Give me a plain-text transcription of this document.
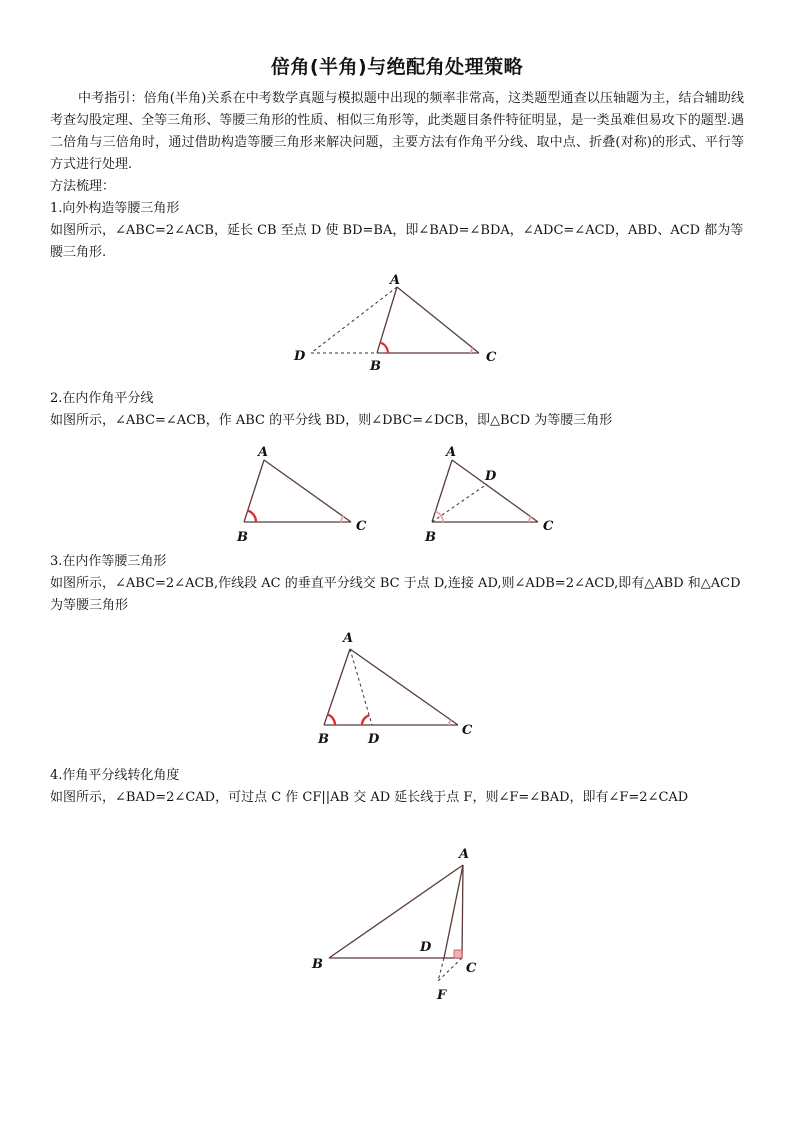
倍角(半角)与绝配角处理策略
中考指引：倍角(半角)关系在中考数学真题与模拟题中出现的频率非常高，这类题型通查以压轴题为主，结合辅助线考查勾股定理、全等三角形、等腰三角形的性质、相似三角形等，此类题目条件特征明显，是一类虽难但易攻下的题型.遇二倍角与三倍角时，通过借助构造等腰三角形来解决问题，主要方法有作角平分线、取中点、折叠(对称)的形式、平行等方式进行处理.
方法梳理：
1.向外构造等腰三角形
如图所示，∠ABC=2∠ACB，延长 CB 至点 D 使 BD=BA，即∠BAD=∠BDA，∠ADC=∠ACD，ABD、ACD 都为等腰三角形.
2.在内作角平分线
如图所示，∠ABC=∠ACB，作 ABC 的平分线 BD，则∠DBC=∠DCB，即△BCD 为等腰三角形
3.在内作等腰三角形
如图所示，∠ABC=2∠ACB,作线段 AC 的垂直平分线交 BC 于点 D,连接 AD,则∠ADB=2∠ACD,即有△ABD 和△ACD 为等腰三角形
4.作角平分线转化角度
如图所示，∠BAD=2∠CAD，可过点 C 作 CF||AB 交 AD 延长线于点 F，则∠F=∠BAD，即有∠F=2∠CAD
A
B
C
D
A
B
C
A
D
B
C
A
B	D
C
A
B
D
C
F
